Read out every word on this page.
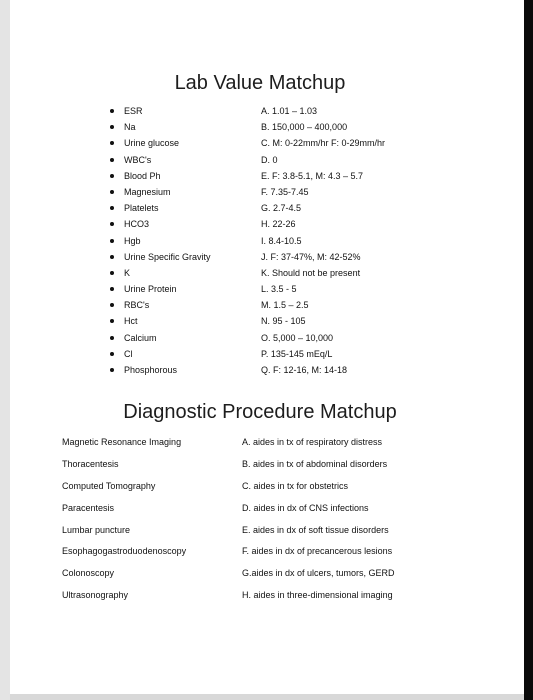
Lab Value Matchup
ESR
Na
Urine glucose
WBC's
Blood Ph
Magnesium
Platelets
HCO3
Hgb
Urine Specific Gravity
K
Urine Protein
RBC's
Hct
Calcium
Cl
Phosphorous
A. 1.01 – 1.03
B. 150,000 – 400,000
C. M: 0-22mm/hr F: 0-29mm/hr
D. 0
E. F: 3.8-5.1, M: 4.3 – 5.7
F. 7.35-7.45
G. 2.7-4.5
H. 22-26
I. 8.4-10.5
J. F: 37-47%, M: 42-52%
K. Should not be present
L. 3.5 - 5
M. 1.5 – 2.5
N. 95 - 105
O. 5,000 – 10,000
P. 135-145 mEq/L
Q. F: 12-16, M: 14-18
Diagnostic Procedure Matchup
Magnetic Resonance Imaging
Thoracentesis
Computed Tomography
Paracentesis
Lumbar puncture
Esophagogastroduodenoscopy
Colonoscopy
Ultrasonography
A. aides in tx of respiratory distress
B. aides in tx of abdominal disorders
C. aides in tx for obstetrics
D. aides in dx of CNS infections
E. aides in dx of soft tissue disorders
F. aides in dx of precancerous lesions
G.aides in dx of ulcers, tumors, GERD
H. aides in three-dimensional imaging
